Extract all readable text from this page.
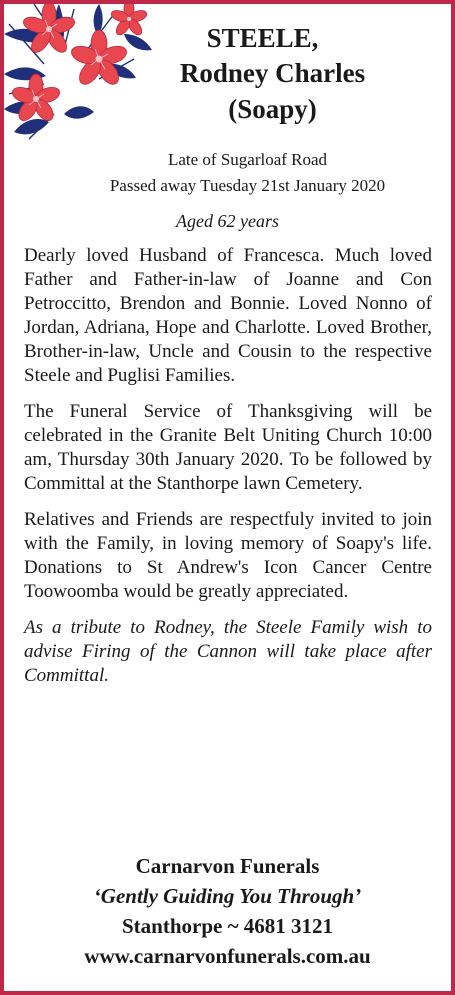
STEELE,
Rodney Charles
(Soapy)
Late of Sugarloaf Road
Passed away Tuesday 21st January 2020
Aged 62 years

Dearly loved Husband of Francesca. Much loved Father and Father-in-law of Joanne and Con Petroccitto, Brendon and Bonnie. Loved Nonno of Jordan, Adriana, Hope and Charlotte. Loved Brother, Brother-in-law, Uncle and Cousin to the respective Steele and Puglisi Families.

The Funeral Service of Thanksgiving will be celebrated in the Granite Belt Uniting Church 10:00 am, Thursday 30th January 2020. To be followed by Committal at the Stanthorpe lawn Cemetery.

Relatives and Friends are respectfuly invited to join with the Family, in loving memory of Soapy's life. Donations to St Andrew's Icon Cancer Centre Toowoomba would be greatly appreciated.

As a tribute to Rodney, the Steele Family wish to advise Firing of the Cannon will take place after Committal.

Carnarvon Funerals
‘Gently Guiding You Through’
Stanthorpe ~ 4681 3121
www.carnarvonfunerals.com.au
